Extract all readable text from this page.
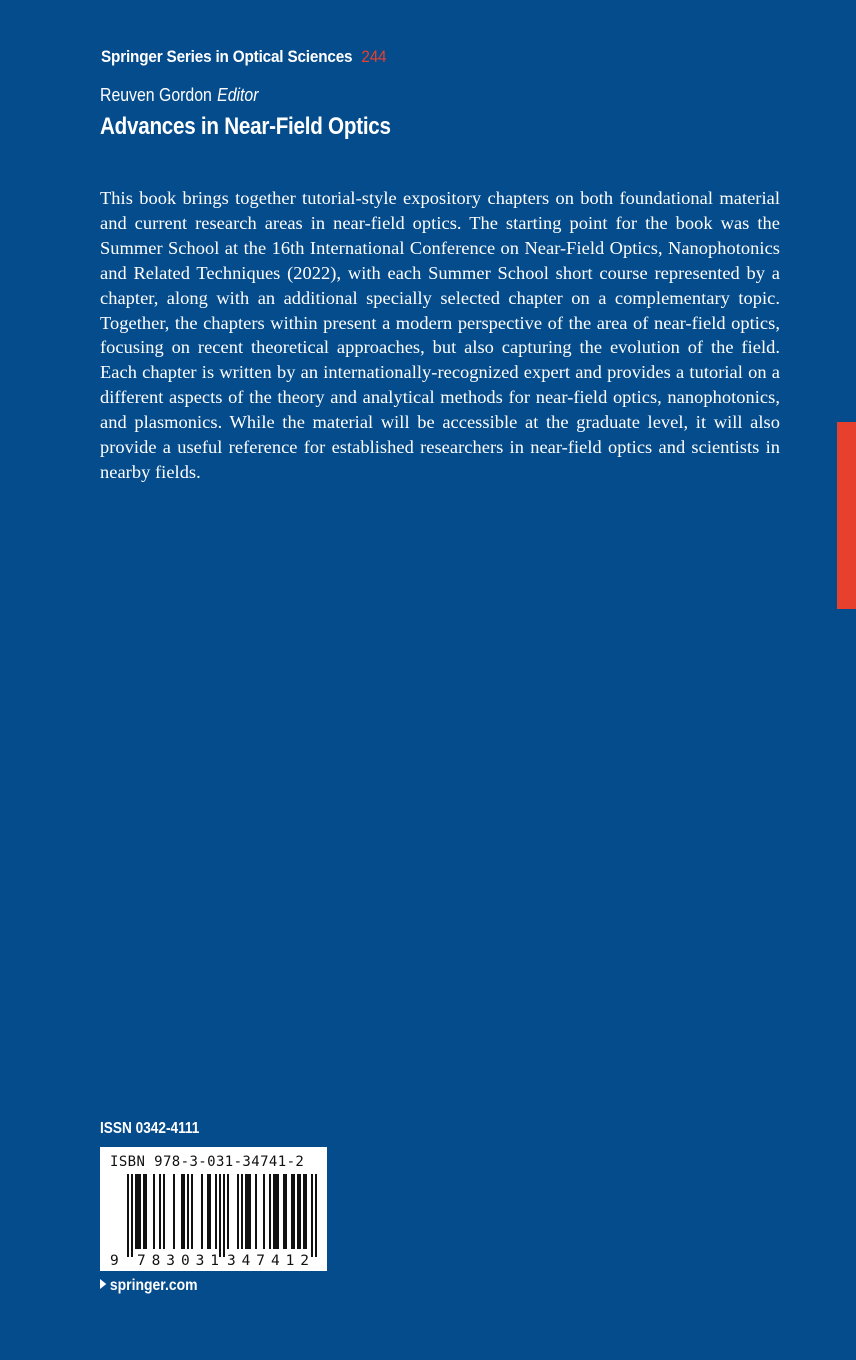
Springer Series in Optical Sciences 244
Reuven Gordon Editor
Advances in Near-Field Optics

This book brings together tutorial-style expository chapters on both foundational material and current research areas in near-field optics. The starting point for the book was the Summer School at the 16th International Conference on Near-Field Optics, Nanophotonics and Related Techniques (2022), with each Summer School short course represented by a chapter, along with an additional specially selected chapter on a complementary topic. Together, the chapters within present a modern perspective of the area of near-field optics, focusing on recent theoretical approaches, but also capturing the evolution of the field. Each chapter is written by an internationally-recognized expert and provides a tutorial on a different aspects of the theory and analytical methods for near-field optics, nanophotonics, and plasmonics. While the material will be accessible at the graduate level, it will also provide a useful reference for established researchers in near-field optics and scientists in nearby fields.

ISSN 0342-4111
ISBN 978-3-031-34741-2
9 783031 347412
springer.com
